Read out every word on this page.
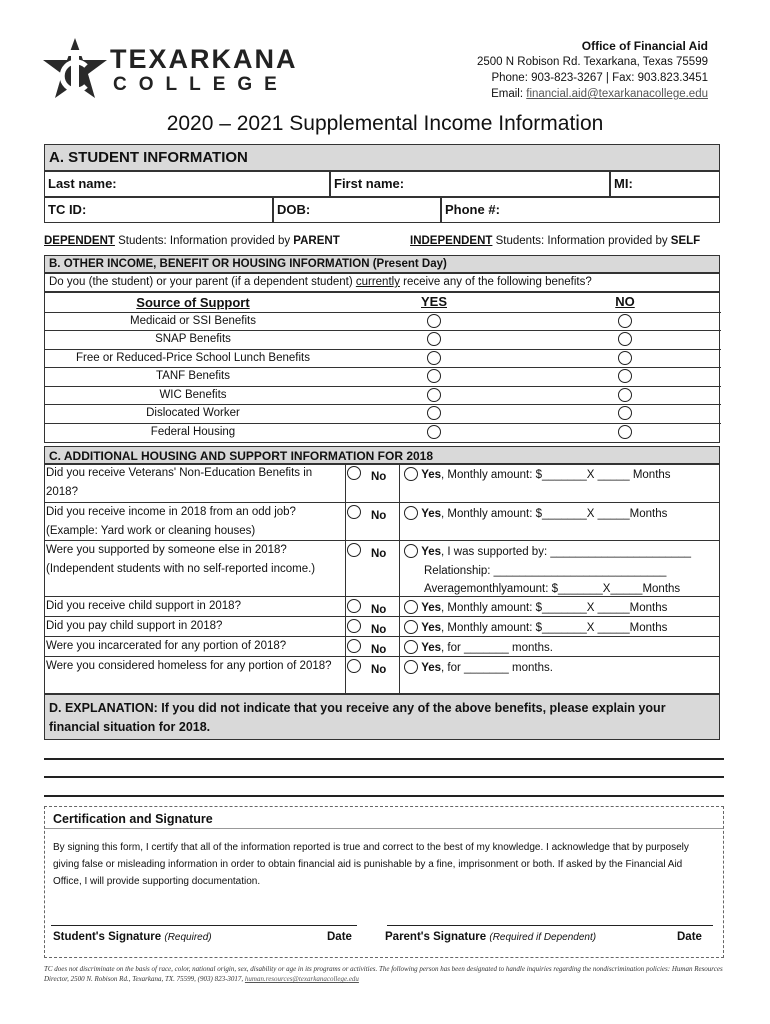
TEXARKANA
COLLEGE
Office of Financial Aid
2500 N Robison Rd. Texarkana, Texas 75599
Phone: 903-823-3267 | Fax: 903.823.3451
Email: financial.aid@texarkanacollege.edu
2020 – 2021 Supplemental Income Information
A. STUDENT INFORMATION
Last name:	First name:	MI:
TC ID:	DOB:	Phone #:
DEPENDENT Students: Information provided by PARENT	INDEPENDENT Students: Information provided by SELF
B. OTHER INCOME, BENEFIT OR HOUSING INFORMATION (Present Day)
Do you (the student) or your parent (if a dependent student) currently receive any of the following benefits?
Source of Support	YES	NO
Medicaid or SSI Benefits
SNAP Benefits
Free or Reduced-Price School Lunch Benefits
TANF Benefits
WIC Benefits
Dislocated Worker
Federal Housing
C. ADDITIONAL HOUSING AND SUPPORT INFORMATION FOR 2018
Did you receive Veterans' Non-Education Benefits in 2018?
No	Yes, Monthly amount: $_______X _____ Months
Did you receive income in 2018 from an odd job? (Example: Yard work or cleaning houses)
No	Yes, Monthly amount: $_______X _____Months
Were you supported by someone else in 2018? (Independent students with no self-reported income.)
No	Yes, I was supported by: ______________________
Relationship: ___________________________
Averagemonthlyamount: $_______X_____Months
Did you receive child support in 2018?	No	Yes, Monthly amount: $_______X _____Months
Did you pay child support in 2018?	No	Yes, Monthly amount: $_______X _____Months
Were you incarcerated for any portion of 2018?	No	Yes, for _______ months.
Were you considered homeless for any portion of 2018?	No	Yes, for _______ months.
D. EXPLANATION: If you did not indicate that you receive any of the above benefits, please explain your financial situation for 2018.
Certification and Signature
By signing this form, I certify that all of the information reported is true and correct to the best of my knowledge. I acknowledge that by purposely giving false or misleading information in order to obtain financial aid is punishable by a fine, imprisonment or both. If asked by the Financial Aid Office, I will provide supporting documentation.
Student's Signature (Required)	Date	Parent's Signature (Required if Dependent)	Date
TC does not discriminate on the basis of race, color, national origin, sex, disability or age in its programs or activities. The following person has been designated to handle inquiries regarding the nondiscrimination policies: Human Resources Director, 2500 N. Robison Rd., Texarkana, TX. 75599, (903) 823-3017, human.resources@texarkanacollege.edu
